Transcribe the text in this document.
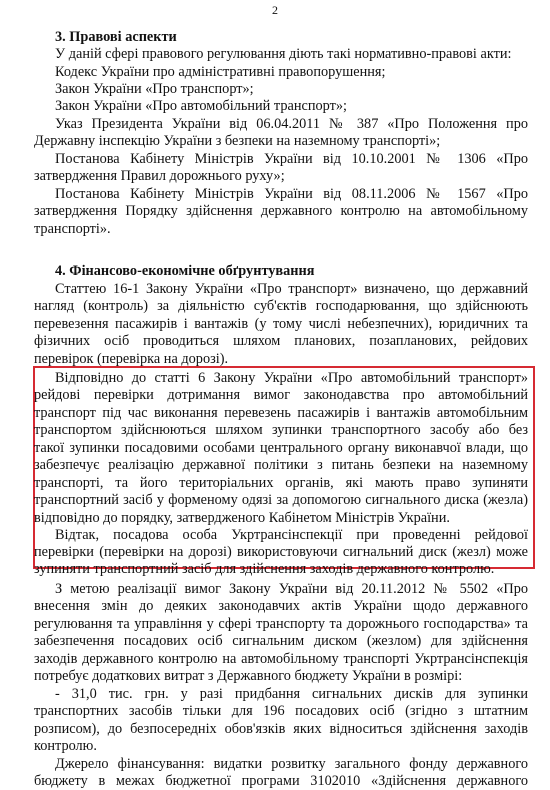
2
3. Правові аспекти
У даній сфері правового регулювання діють такі нормативно-правові акти:
Кодекс України про адміністративні правопорушення;
Закон України «Про транспорт»;
Закон України «Про автомобільний транспорт»;
Указ Президента України від 06.04.2011 № 387 «Про Положення про
Державну інспекцію України з безпеки на наземному транспорті»;
Постанова Кабінету Міністрів України від 10.10.2001 № 1306 «Про
затвердження Правил дорожнього руху»;
Постанова Кабінету Міністрів України від 08.11.2006 № 1567 «Про
затвердження Порядку здійснення державного контролю на автомобільному
транспорті».
4. Фінансово-економічне обґрунтування
Статтею 16-1 Закону України «Про транспорт» визначено, що державний
нагляд (контроль) за діяльністю суб'єктів господарювання, що здійснюють
перевезення пасажирів і вантажів (у тому числі небезпечних), юридичних та
фізичних осіб проводиться шляхом планових, позапланових, рейдових
перевірок (перевірка на дорозі).
Відповідно до статті 6 Закону України «Про автомобільний транспорт»
рейдові перевірки дотримання вимог законодавства про автомобільний
транспорт під час виконання перевезень пасажирів і вантажів автомобільним
транспортом здійснюються шляхом зупинки транспортного засобу або без
такої зупинки посадовими особами центрального органу виконавчої влади, що
забезпечує реалізацію державної політики з питань безпеки на наземному
транспорті, та його територіальних органів, які мають право зупиняти
транспортний засіб у форменому одязі за допомогою сигнального диска (жезла)
відповідно до порядку, затвердженого Кабінетом Міністрів України.
Відтак, посадова особа Укртрансінспекції при проведенні рейдової
перевірки (перевірки на дорозі) використовуючи сигнальний диск (жезл) може
зупиняти транспортний засіб для здійснення заходів державного контролю.
З метою реалізації вимог Закону України від 20.11.2012 № 5502 «Про
внесення змін до деяких законодавчих актів України щодо державного
регулювання та управління у сфері транспорту та дорожнього господарства» та
забезпечення посадових осіб сигнальним диском (жезлом) для здійснення
заходів державного контролю на автомобільному транспорті Укртрансінспекція
потребує додаткових витрат з Державного бюджету України в розмірі:
- 31,0 тис. грн. у разі придбання сигнальних дисків для зупинки
транспортних засобів тільки для 196 посадових осіб (згідно з штатним
розписом), до безпосередніх обов'язків яких відноситься здійснення заходів
контролю.
Джерело фінансування: видатки розвитку загального фонду державного
бюджету в межах бюджетної програми 3102010 «Здійснення державного
